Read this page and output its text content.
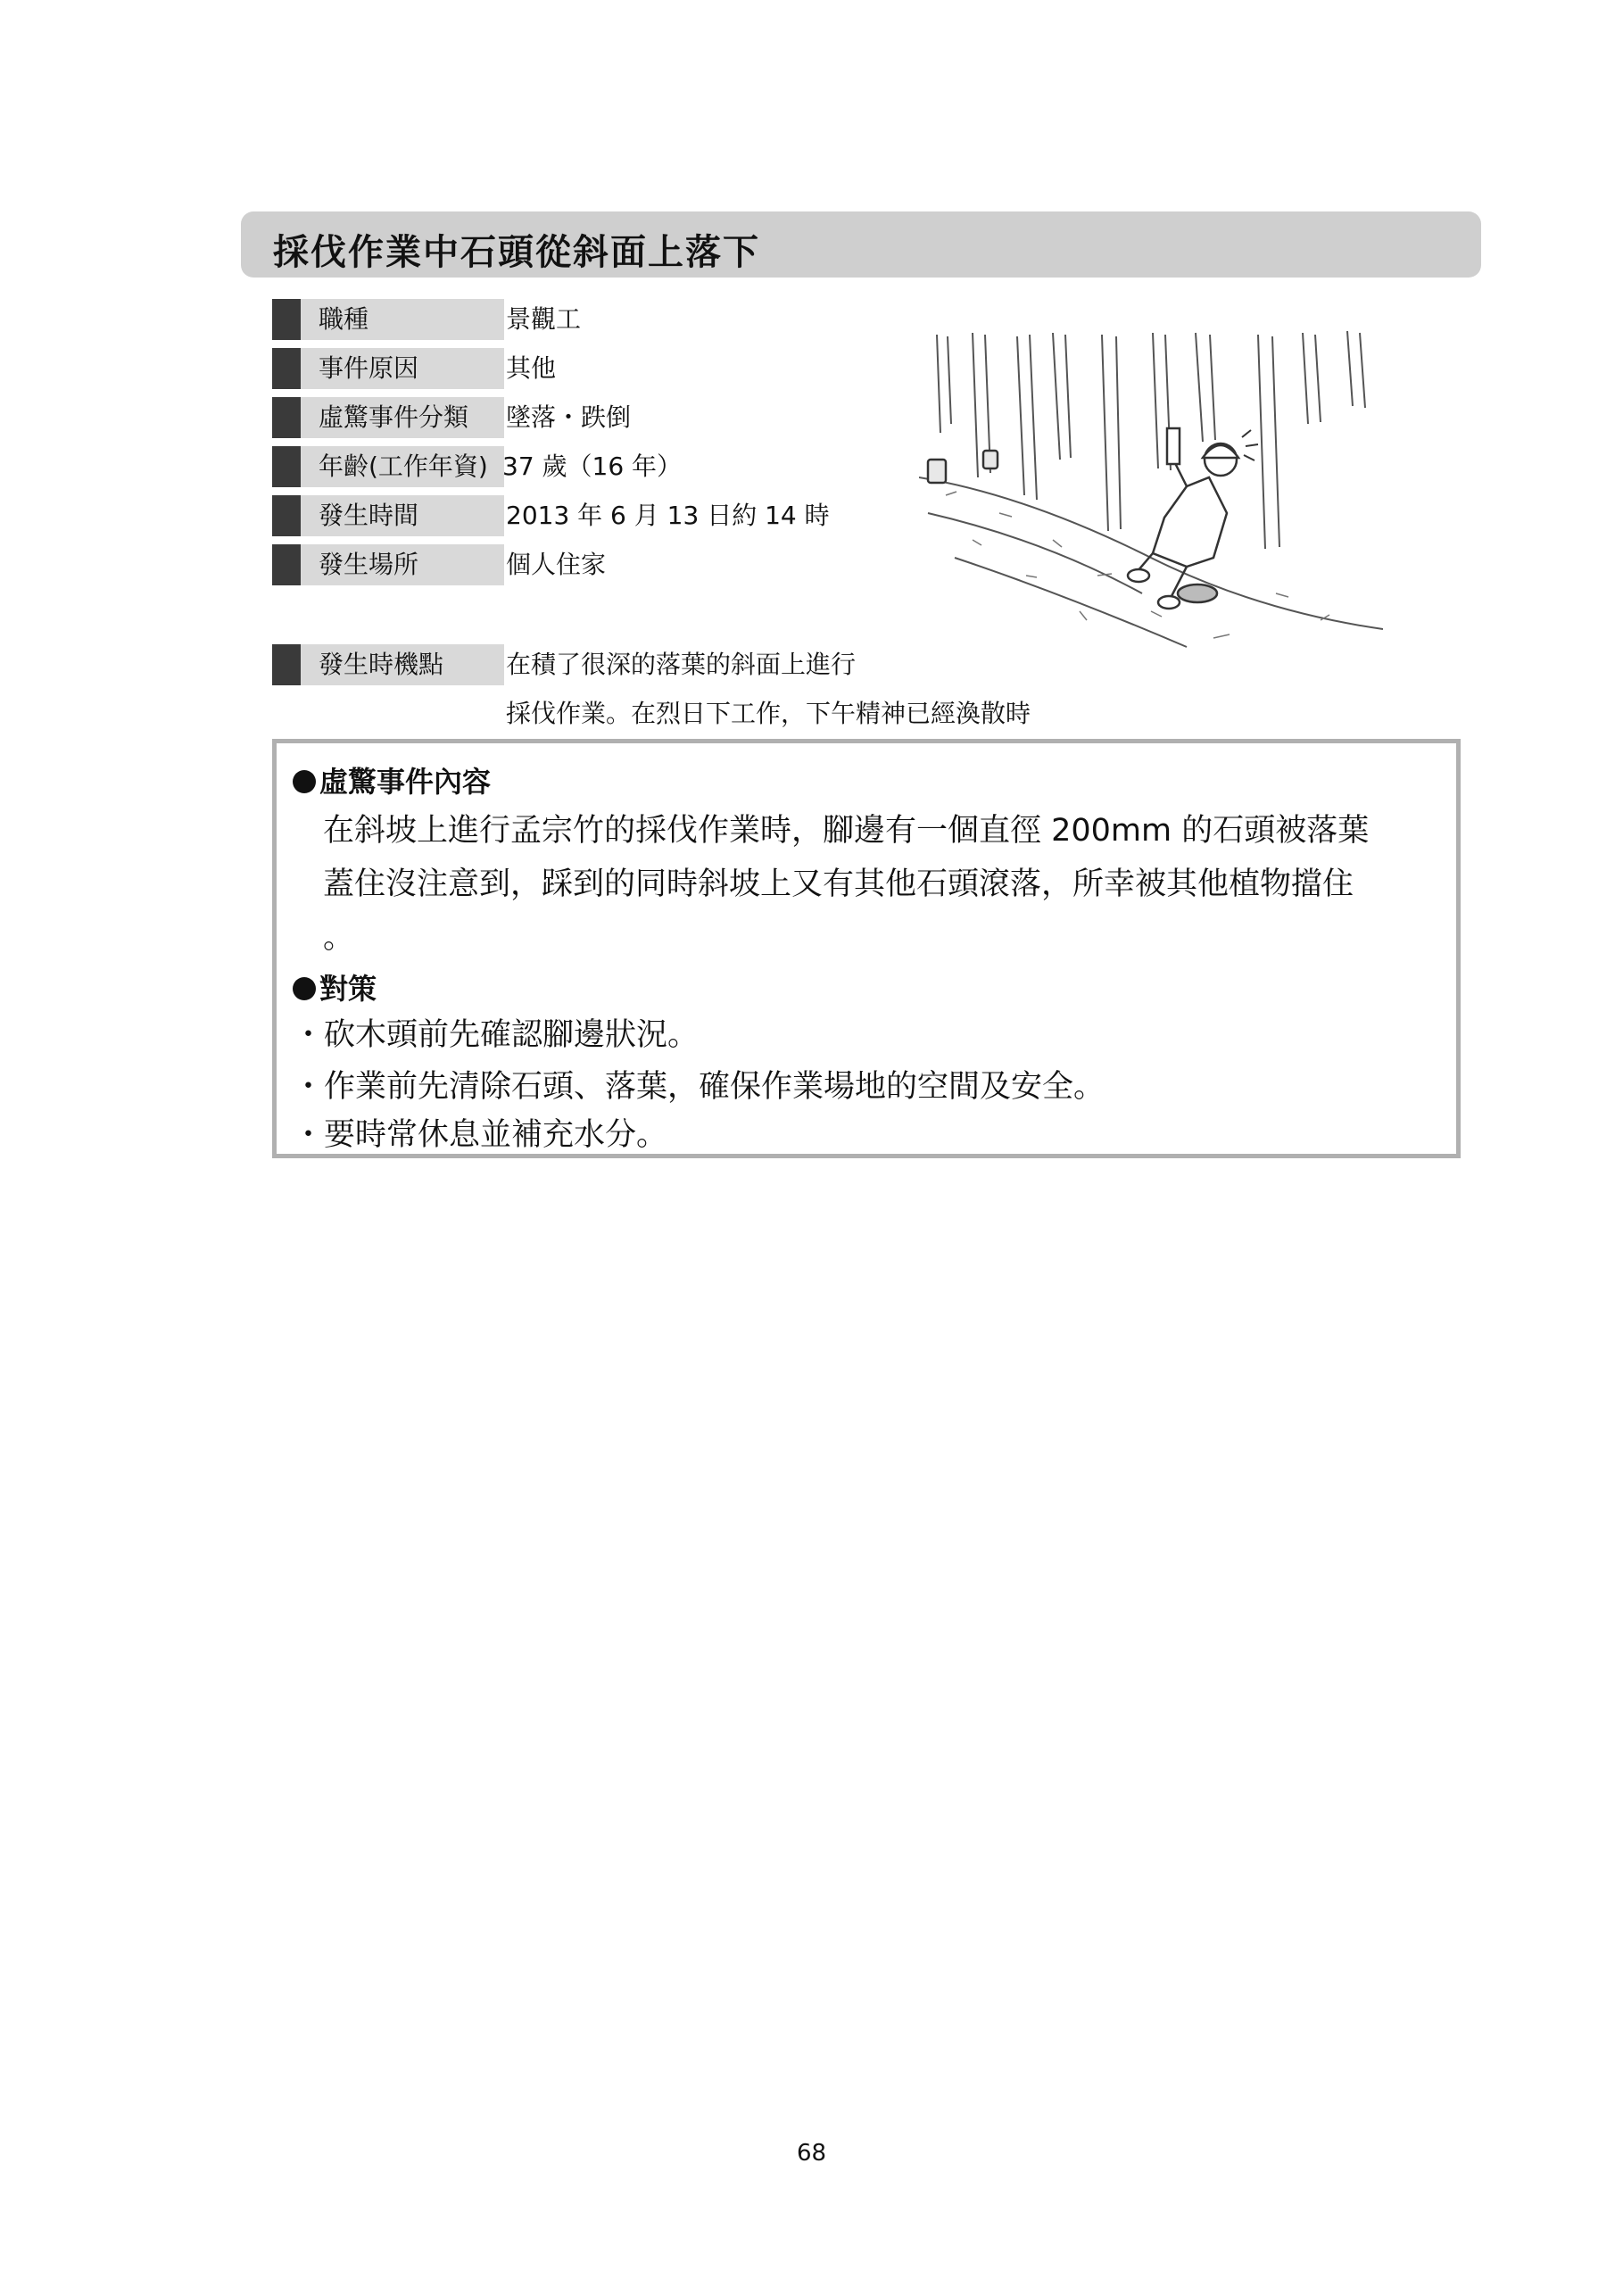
採伐作業中石頭從斜面上落下
職種	景觀工
事件原因	其他
虛驚事件分類	墜落・跌倒
年齡(工作年資) 37 歲（16 年）
發生時間	2013 年 6 月 13 日約 14 時
發生場所	個人住家
發生時機點	在積了很深的落葉的斜面上進行
採伐作業。在烈日下工作，下午精神已經渙散時
虛驚事件內容
在斜坡上進行孟宗竹的採伐作業時，腳邊有一個直徑 200mm 的石頭被落葉
蓋住沒注意到，踩到的同時斜坡上又有其他石頭滾落，所幸被其他植物擋住
。
對策
・砍木頭前先確認腳邊狀況。
・作業前先清除石頭、落葉，確保作業場地的空間及安全。
・要時常休息並補充水分。
68
